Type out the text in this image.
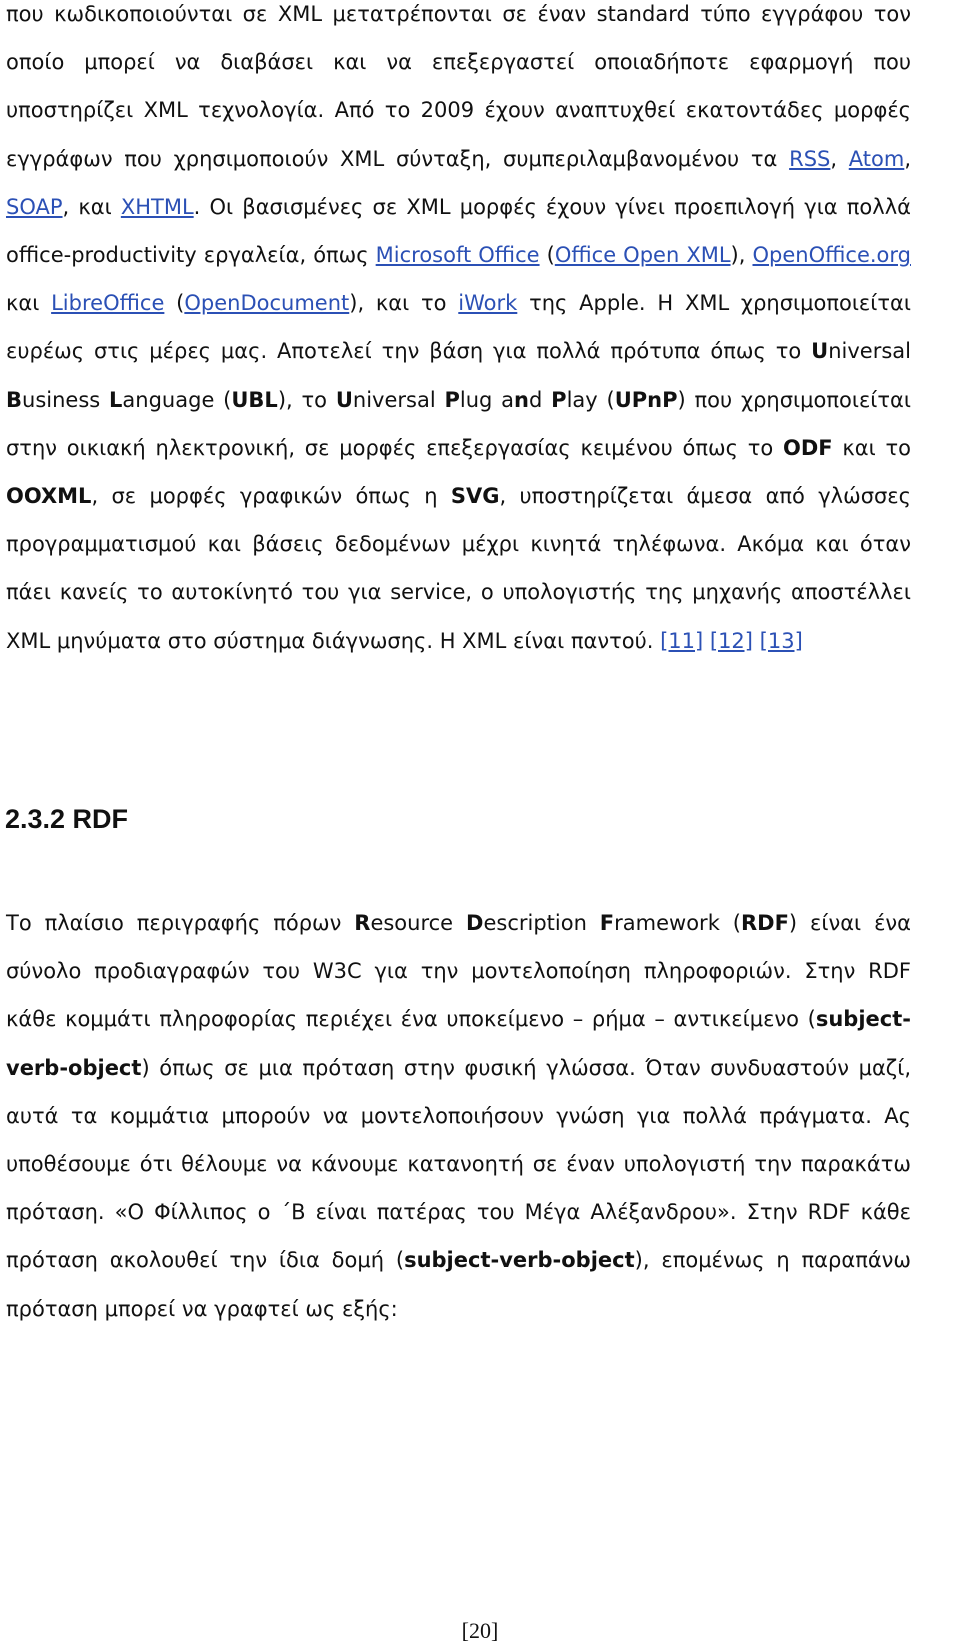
που κωδικοποιούνται σε XML μετατρέπονται σε έναν standard τύπο εγγράφου τον οποίο μπορεί να διαβάσει και να επεξεργαστεί οποιαδήποτε εφαρμογή που υποστηρίζει XML τεχνολογία. Από το 2009 έχουν αναπτυχθεί εκατοντάδες μορφές εγγράφων που χρησιμοποιούν XML σύνταξη, συμπεριλαμβανομένου τα RSS, Atom, SOAP, και XHTML. Οι βασισμένες σε XML μορφές έχουν γίνει προεπιλογή για πολλά office-productivity εργαλεία, όπως Microsoft Office (Office Open XML), OpenOffice.org και LibreOffice (OpenDocument), και το iWork της Apple. Η XML χρησιμοποιείται ευρέως στις μέρες μας. Αποτελεί την βάση για πολλά πρότυπα όπως το Universal Business Language (UBL), το Universal Plug and Play (UPnP) που χρησιμοποιείται στην οικιακή ηλεκτρονική, σε μορφές επεξεργασίας κειμένου όπως το ODF και το OOXML, σε μορφές γραφικών όπως η SVG, υποστηρίζεται άμεσα από γλώσσες προγραμματισμού και βάσεις δεδομένων μέχρι κινητά τηλέφωνα. Ακόμα και όταν πάει κανείς το αυτοκίνητό του για service, ο υπολογιστής της μηχανής αποστέλλει XML μηνύματα στο σύστημα διάγνωσης. Η XML είναι παντού. [11] [12] [13]

2.3.2 RDF

Το πλαίσιο περιγραφής πόρων Resource Description Framework (RDF) είναι ένα σύνολο προδιαγραφών του W3C για την μοντελοποίηση πληροφοριών. Στην RDF κάθε κομμάτι πληροφορίας περιέχει ένα υποκείμενο – ρήμα – αντικείμενο (subject-verb-object) όπως σε μια πρόταση στην φυσική γλώσσα. Όταν συνδυαστούν μαζί, αυτά τα κομμάτια μπορούν να μοντελοποιήσουν γνώση για πολλά πράγματα. Ας υποθέσουμε ότι θέλουμε να κάνουμε κατανοητή σε έναν υπολογιστή την παρακάτω πρόταση. «Ο Φίλλιπος ο ΄Β είναι πατέρας του Μέγα Αλέξανδρου». Στην RDF κάθε πρόταση ακολουθεί την ίδια δομή (subject-verb-object), επομένως η παραπάνω πρόταση μπορεί να γραφτεί ως εξής:

[20]
